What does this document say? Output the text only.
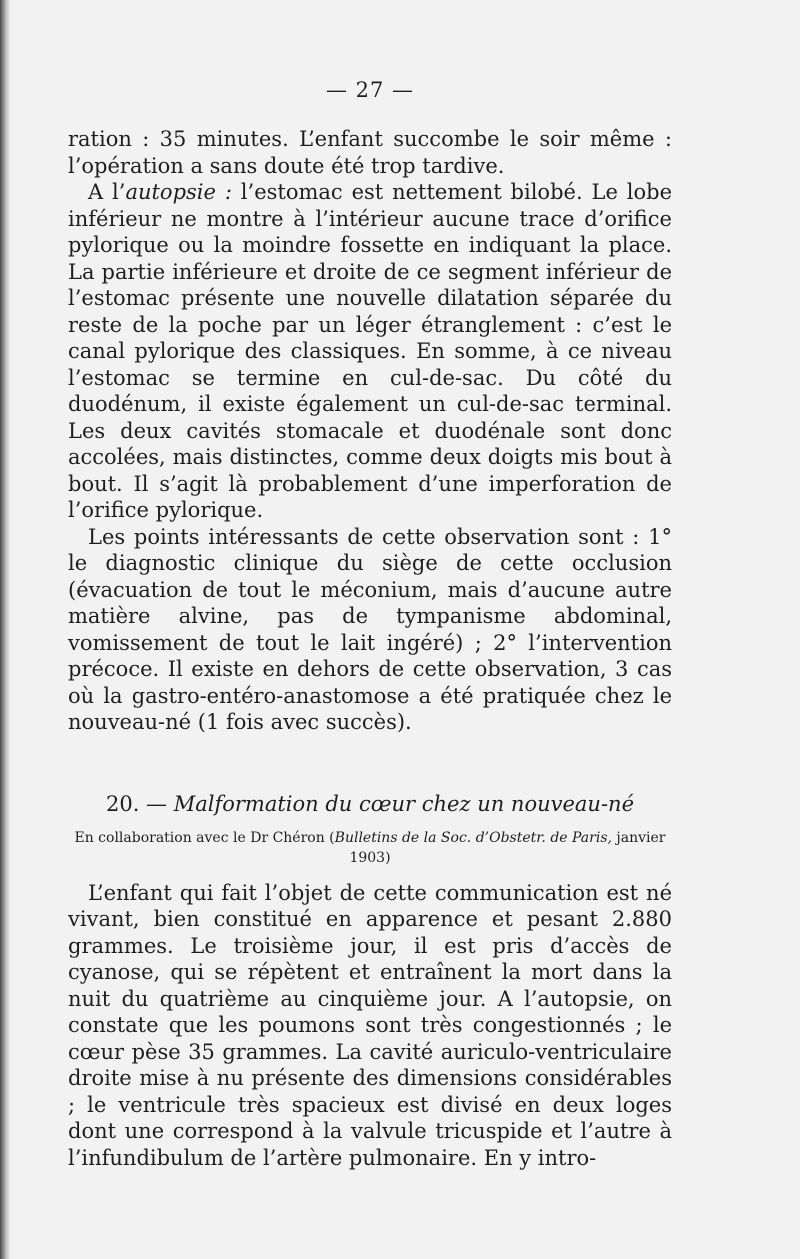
— 27 —

ration : 35 minutes. L’enfant succombe le soir même : l’opération a sans doute été trop tardive.

A l’autopsie : l’estomac est nettement bilobé. Le lobe inférieur ne montre à l’intérieur aucune trace d’orifice pylorique ou la moindre fossette en indiquant la place. La partie inférieure et droite de ce segment inférieur de l’estomac présente une nouvelle dilatation séparée du reste de la poche par un léger étranglement : c’est le canal pylorique des classiques. En somme, à ce niveau l’estomac se termine en cul-de-sac. Du côté du duodénum, il existe également un cul-de-sac terminal. Les deux cavités stomacale et duodénale sont donc accolées, mais distinctes, comme deux doigts mis bout à bout. Il s’agit là probablement d’une imperforation de l’orifice pylorique.

Les points intéressants de cette observation sont : 1° le diagnostic clinique du siège de cette occlusion (évacuation de tout le méconium, mais d’aucune autre matière alvine, pas de tympanisme abdominal, vomissement de tout le lait ingéré) ; 2° l’intervention précoce. Il existe en dehors de cette observation, 3 cas où la gastro-entéro-anastomose a été pratiquée chez le nouveau-né (1 fois avec succès).

20. — Malformation du cœur chez un nouveau-né
En collaboration avec le Dr Chéron (Bulletins de la Soc. d’Obstetr. de Paris, janvier 1903)

L’enfant qui fait l’objet de cette communication est né vivant, bien constitué en apparence et pesant 2.880 grammes. Le troisième jour, il est pris d’accès de cyanose, qui se répètent et entraînent la mort dans la nuit du quatrième au cinquième jour. A l’autopsie, on constate que les poumons sont très congestionnés ; le cœur pèse 35 grammes. La cavité auriculo-ventriculaire droite mise à nu présente des dimensions considérables ; le ventricule très spacieux est divisé en deux loges dont une correspond à la valvule tricuspide et l’autre à l’infundibulum de l’artère pulmonaire. En y intro-
